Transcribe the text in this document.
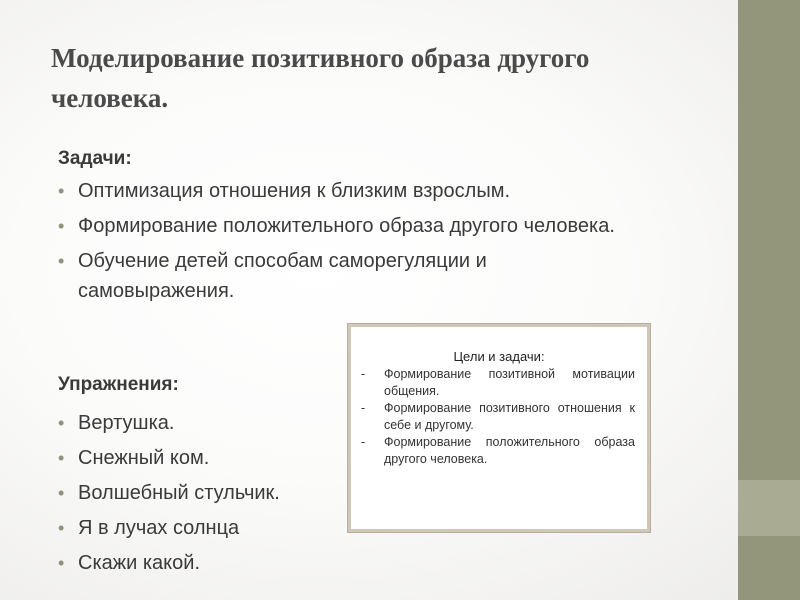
Моделирование позитивного образа другого человека.
Задачи:
• Оптимизация отношения к близким взрослым.
• Формирование положительного образа другого человека.
• Обучение детей способам саморегуляции и самовыражения.
Упражнения:
• Вертушка.
• Снежный ком.
• Волшебный стульчик.
• Я в лучах солнца
• Скажи какой.
Цели и задачи:
- Формирование позитивной мотивации общения.
- Формирование позитивного отношения к себе и другому.
- Формирование положительного образа другого человека.
